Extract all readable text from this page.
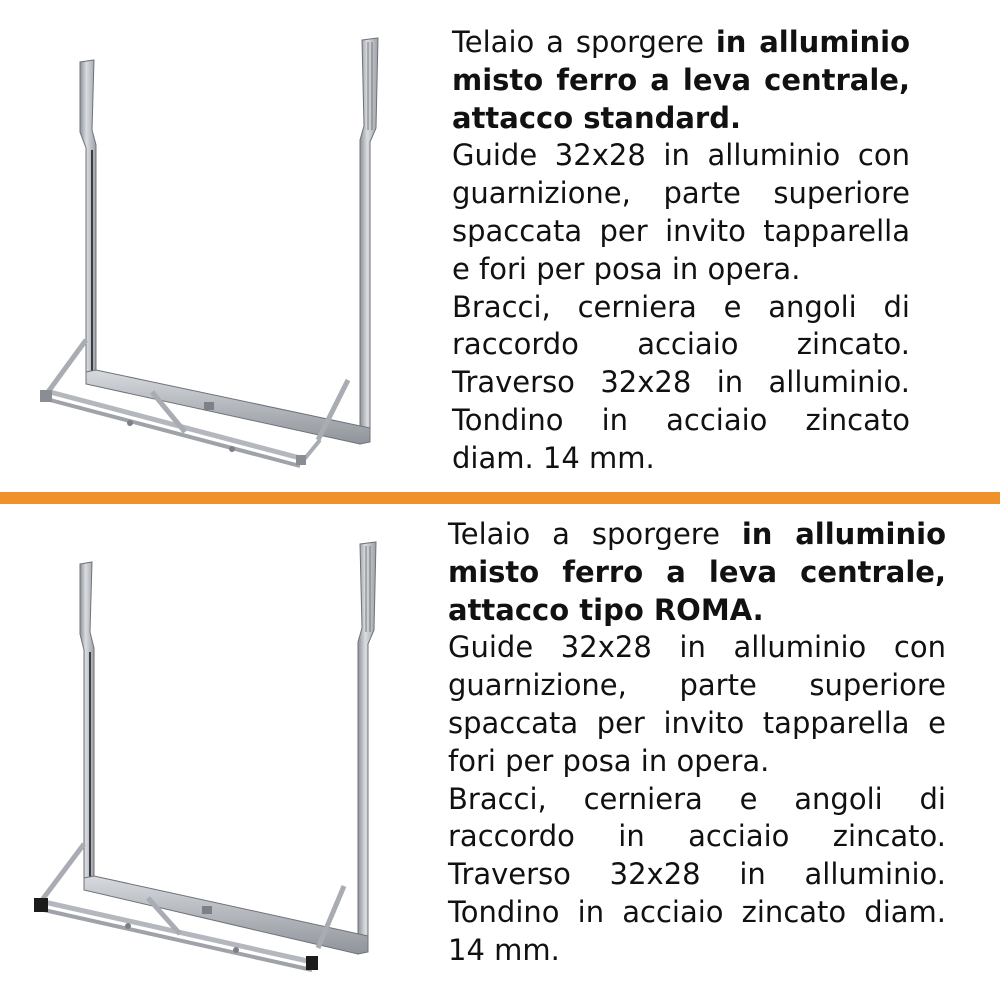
Telaio a sporgere in alluminio misto ferro a leva centrale, attacco standard.

Guide 32x28 in alluminio con guarnizione, parte superiore spaccata per invito tapparella e fori per posa in opera.

Bracci, cerniera e angoli di raccordo acciaio zincato. Traverso 32x28 in alluminio. Tondino in acciaio zincato diam. 14 mm.

Telaio a sporgere in alluminio misto ferro a leva centrale, attacco tipo ROMA.

Guide 32x28 in alluminio con guarnizione, parte superiore spaccata per invito tapparella e fori per posa in opera.

Bracci, cerniera e angoli di raccordo in acciaio zincato. Traverso 32x28 in alluminio. Tondino in acciaio zincato diam. 14 mm.
